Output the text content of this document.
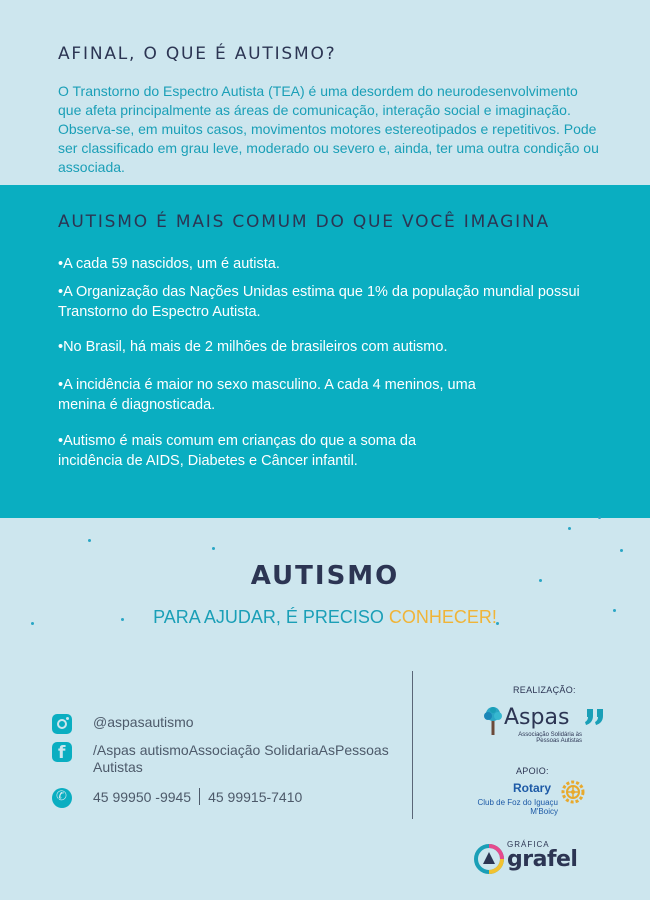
AFINAL, O QUE É AUTISMO?

O Transtorno do Espectro Autista (TEA) é uma desordem do neurodesenvolvimento que afeta principalmente as áreas de comunicação, interação social e imaginação. Observa-se, em muitos casos, movimentos motores estereotipados e repetitivos. Pode ser classificado em grau leve, moderado ou severo e, ainda, ter uma outra condição ou associada.

AUTISMO É MAIS COMUM DO QUE VOCÊ IMAGINA
•A cada 59 nascidos, um é autista.
•A Organização das Nações Unidas estima que 1% da população mundial possui Transtorno do Espectro Autista.
•No Brasil, há mais de 2 milhões de brasileiros com autismo.
•A incidência é maior no sexo masculino. A cada 4 meninos, uma menina é diagnosticada.
•Autismo é mais comum em crianças do que a soma da incidência de AIDS, Diabetes e Câncer infantil.
AUTISMO

PARA AJUDAR, É PRECISO CONHECER!

@aspasautismo
f /Aspas autismoAssociação SolidariaAsPessoas Autistas
✆ 45 99950 -9945 45 99915-7410
REALIZAÇÃO:
Aspas
Associação Solidária às Pessoas Autistas
APOIO:
Rotary
Club de Foz do Iguaçu M'Boicy
GRÁFICA
grafel
